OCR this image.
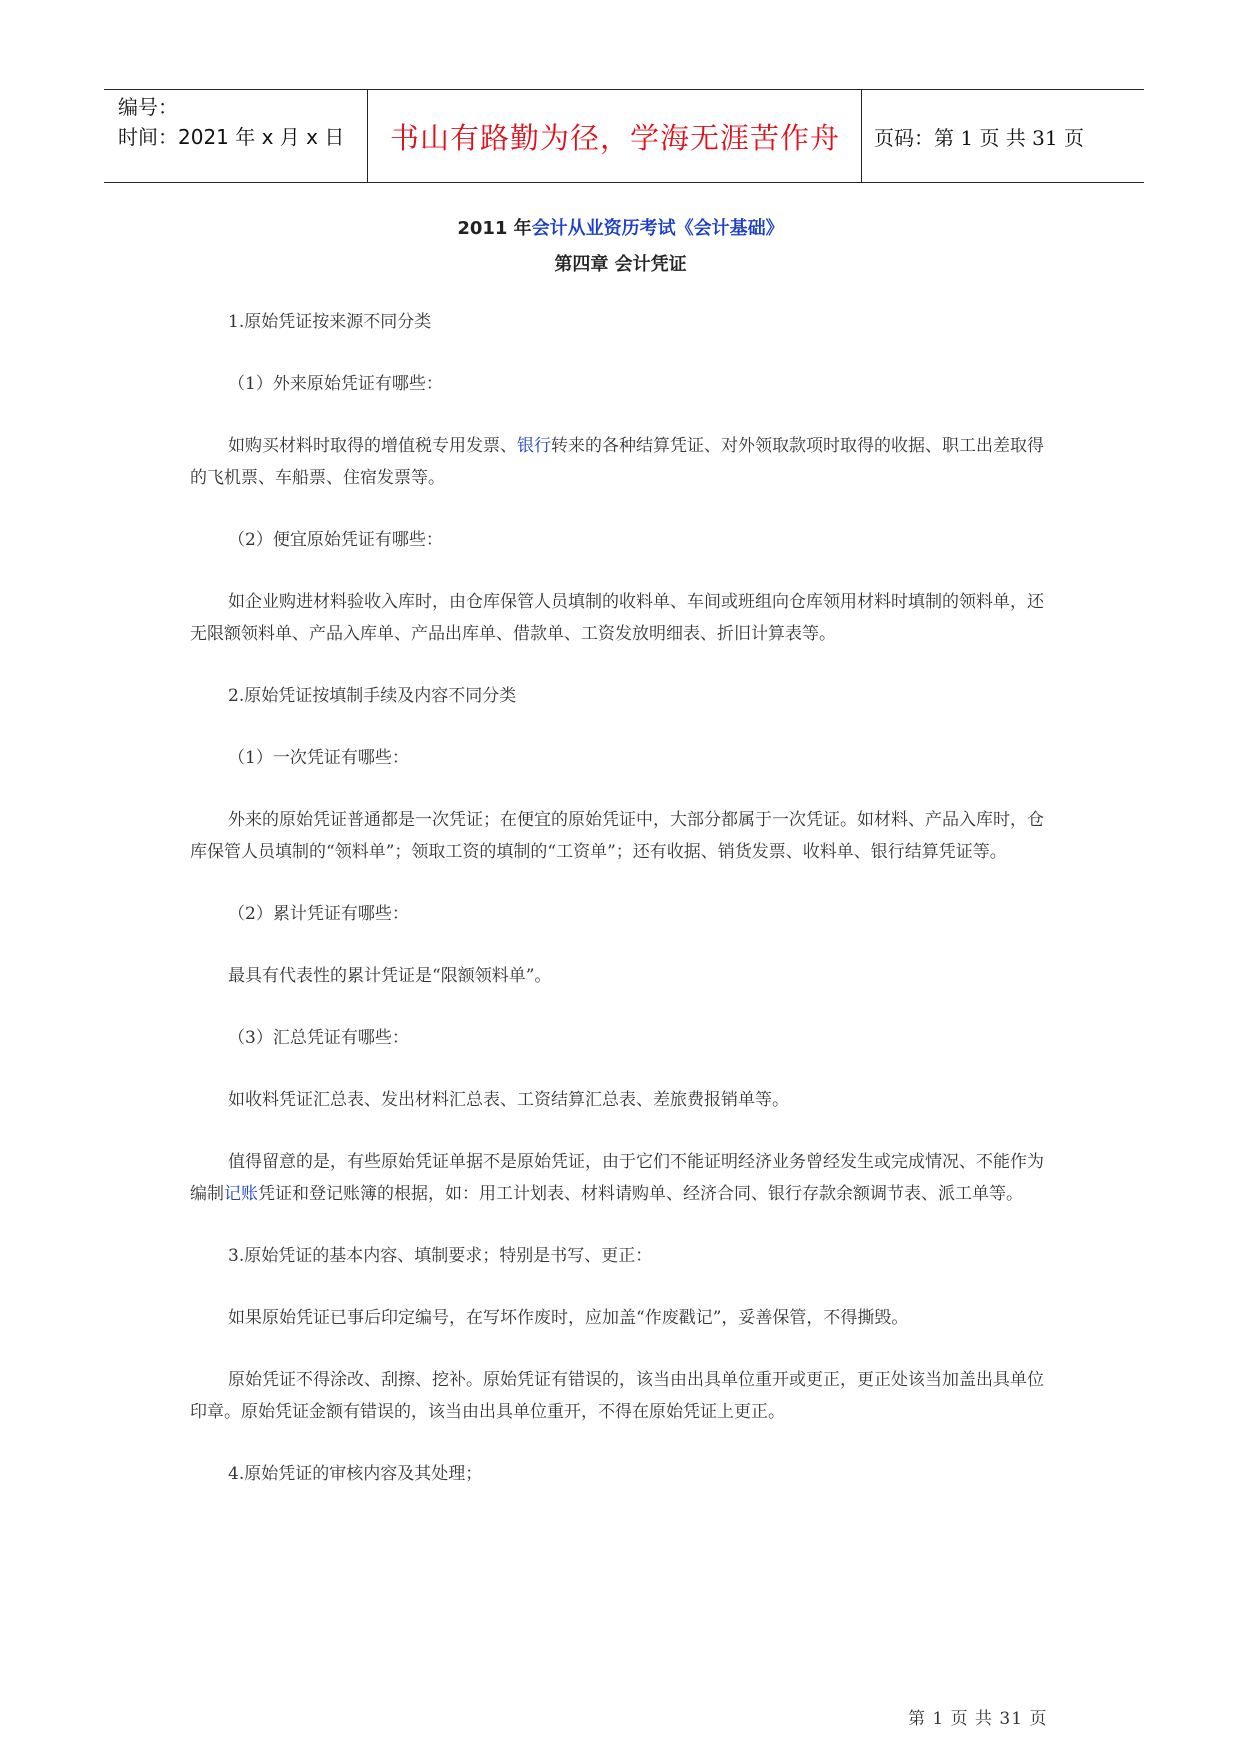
编号：
时间：2021 年 x 月 x 日	书山有路勤为径，学海无涯苦作舟	页码：第 1 页 共 31 页
2011 年会计从业资历考试《会计基础》
第四章 会计凭证

1.原始凭证按来源不同分类

（1）外来原始凭证有哪些：

如购买材料时取得的增值税专用发票、银行转来的各种结算凭证、对外领取款项时取得的收据、职工出差取得的飞机票、车船票、住宿发票等。

（2）便宜原始凭证有哪些：

如企业购进材料验收入库时，由仓库保管人员填制的收料单、车间或班组向仓库领用材料时填制的领料单，还无限额领料单、产品入库单、产品出库单、借款单、工资发放明细表、折旧计算表等。

2.原始凭证按填制手续及内容不同分类

（1）一次凭证有哪些：

外来的原始凭证普通都是一次凭证；在便宜的原始凭证中，大部分都属于一次凭证。如材料、产品入库时，仓库保管人员填制的“领料单”；领取工资的填制的“工资单”；还有收据、销货发票、收料单、银行结算凭证等。

（2）累计凭证有哪些：

最具有代表性的累计凭证是“限额领料单”。

（3）汇总凭证有哪些：

如收料凭证汇总表、发出材料汇总表、工资结算汇总表、差旅费报销单等。

值得留意的是，有些原始凭证单据不是原始凭证，由于它们不能证明经济业务曾经发生或完成情况、不能作为编制记账凭证和登记账簿的根据，如：用工计划表、材料请购单、经济合同、银行存款余额调节表、派工单等。

3.原始凭证的基本内容、填制要求；特别是书写、更正：

如果原始凭证已事后印定编号，在写坏作废时，应加盖“作废戳记”，妥善保管，不得撕毁。

原始凭证不得涂改、刮擦、挖补。原始凭证有错误的，该当由出具单位重开或更正，更正处该当加盖出具单位印章。原始凭证金额有错误的，该当由出具单位重开，不得在原始凭证上更正。

4.原始凭证的审核内容及其处理；

第 1 页 共 31 页
